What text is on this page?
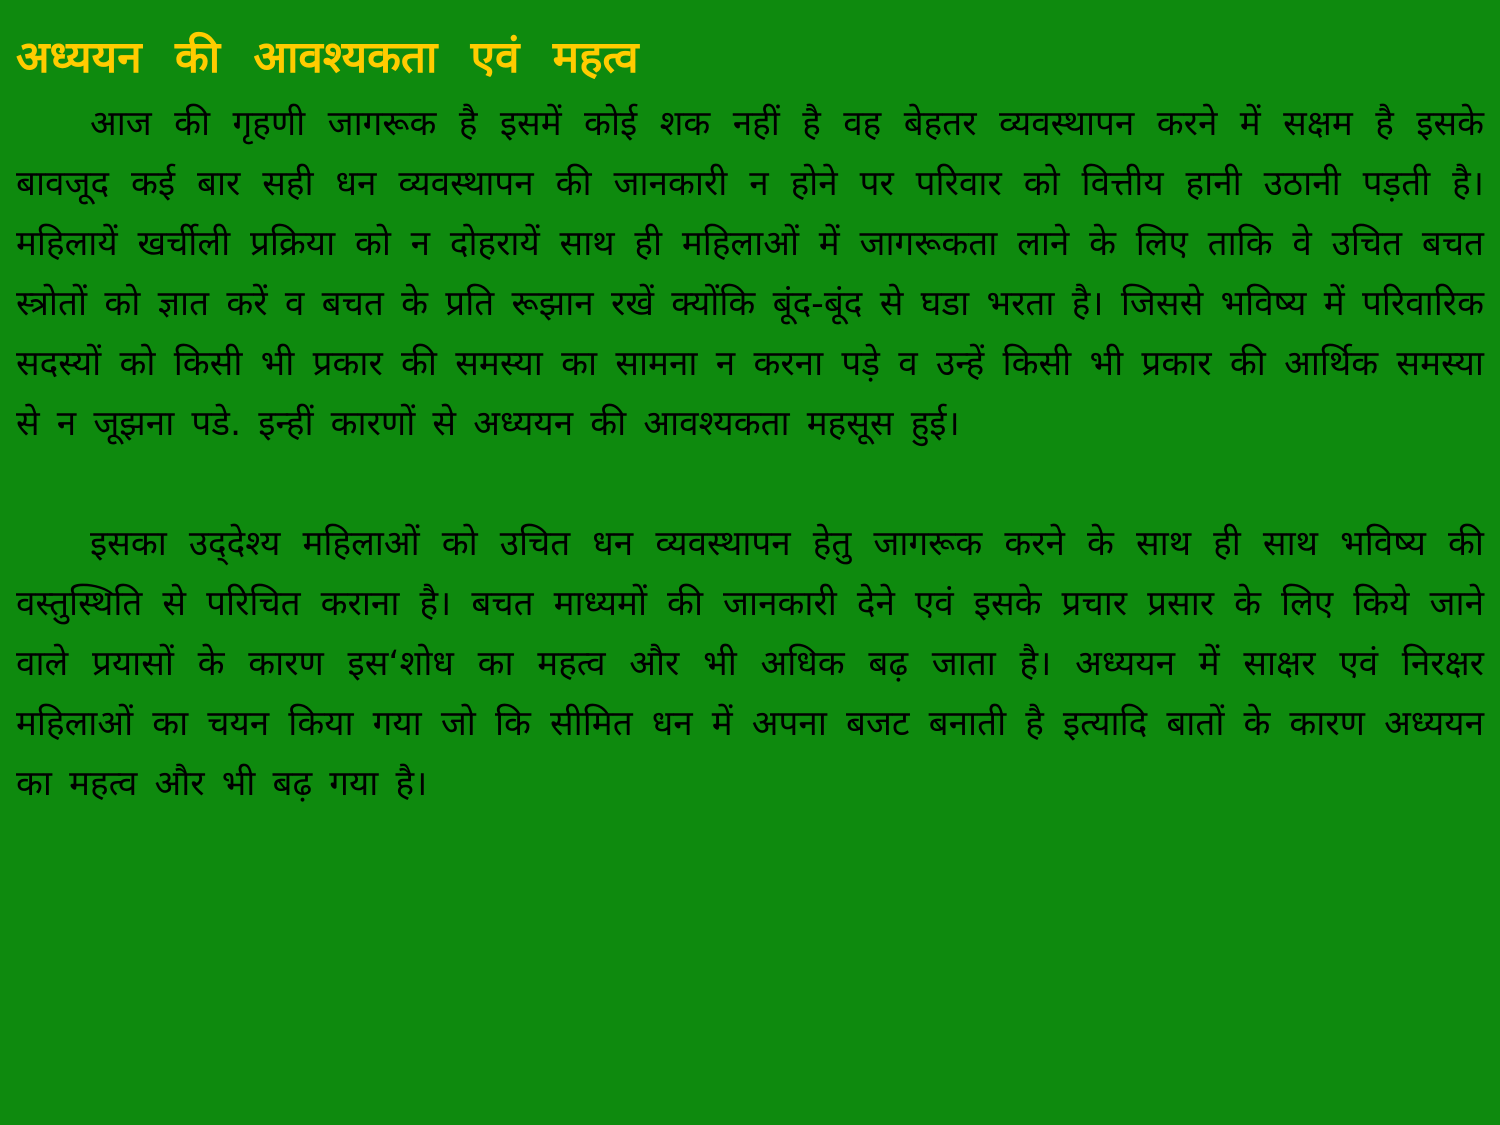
अध्ययन की आवश्यकता एवं महत्व

आज की गृहणी जागरूक है इसमें कोई शक नहीं है वह बेहतर व्यवस्थापन करने में सक्षम है इसके बावजूद कई बार सही धन व्यवस्थापन की जानकारी न होने पर परिवार को वित्तीय हानी उठानी पड़ती है। महिलायें खर्चीली प्रक्रिया को न दोहरायें साथ ही महिलाओं में जागरूकता लाने के लिए ताकि वे उचित बचत स्त्रोतों को ज्ञात करें व बचत के प्रति रूझान रखें क्योंकि बूंद-बूंद से घडा भरता है। जिससे भविष्य में परिवारिक सदस्यों को किसी भी प्रकार की समस्या का सामना न करना पड़े व उन्हें किसी भी प्रकार की आर्थिक समस्या से न जूझना पडे. इन्हीं कारणों से अध्ययन की आवश्यकता महसूस हुई।

इसका उद्‌देश्य महिलाओं को उचित धन व्यवस्थापन हेतु जागरूक करने के साथ ही साथ भविष्य की वस्तुस्थिति से परिचित कराना है। बचत माध्यमों की जानकारी देने एवं इसके प्रचार प्रसार के लिए किये जाने वाले प्रयासों के कारण इस‘शोध का महत्व और भी अधिक बढ़ जाता है। अध्ययन में साक्षर एवं निरक्षर महिलाओं का चयन किया गया जो कि सीमित धन में अपना बजट बनाती है इत्यादि बातों के कारण अध्ययन का महत्व और भी बढ़ गया है।
